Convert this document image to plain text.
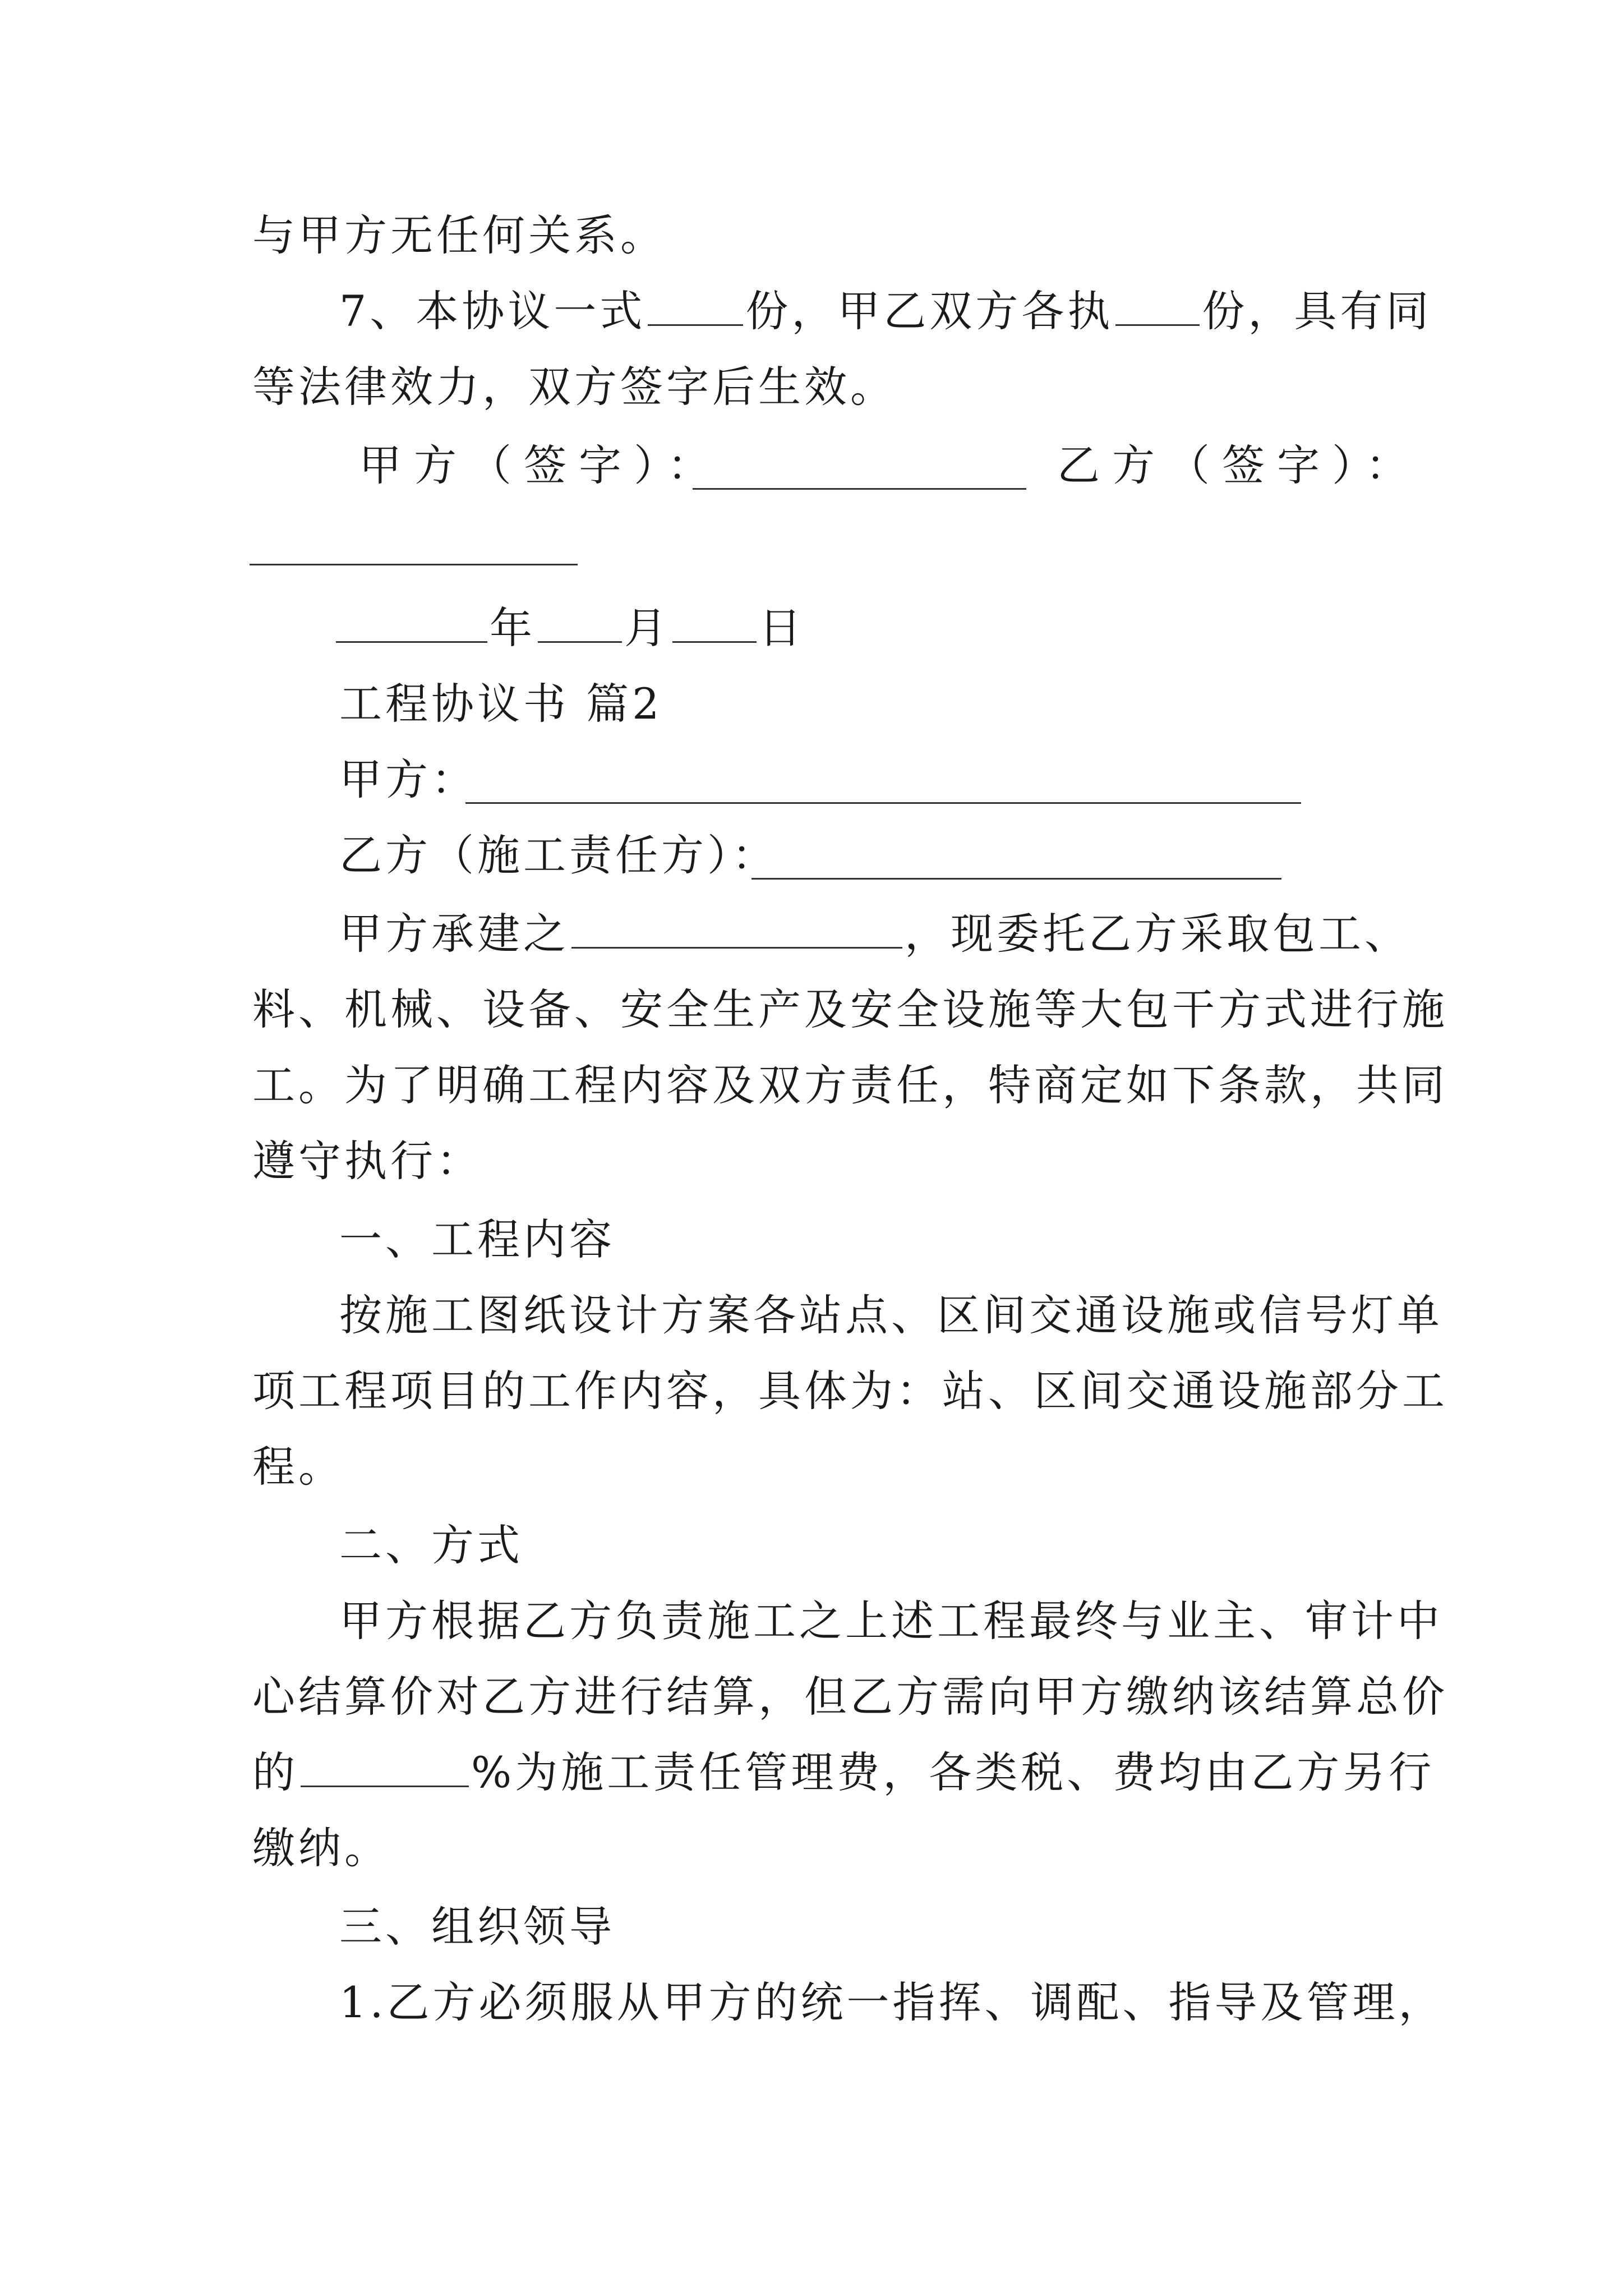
与甲方无任何关系。
7、本协议一式 份，甲乙双方各执 份，具有同
等法律效力，双方签字后生效。
甲方（签字）：	乙方（签字）：
年 月 日
工程协议书 篇2
甲方：
乙方（施工责任方）：
甲方承建之	，现委托乙方采取包工、
料、机械、设备、安全生产及安全设施等大包干方式进行施
工。为了明确工程内容及双方责任，特商定如下条款，共同
遵守执行：
一、工程内容
按施工图纸设计方案各站点、区间交通设施或信号灯单
项工程项目的工作内容，具体为：站、区间交通设施部分工
程。
二、方式
甲方根据乙方负责施工之上述工程最终与业主、审计中
心结算价对乙方进行结算，但乙方需向甲方缴纳该结算总价
的	%为施工责任管理费，各类税、费均由乙方另行
缴纳。
三、组织领导
1.乙方必须服从甲方的统一指挥、调配、指导及管理，
